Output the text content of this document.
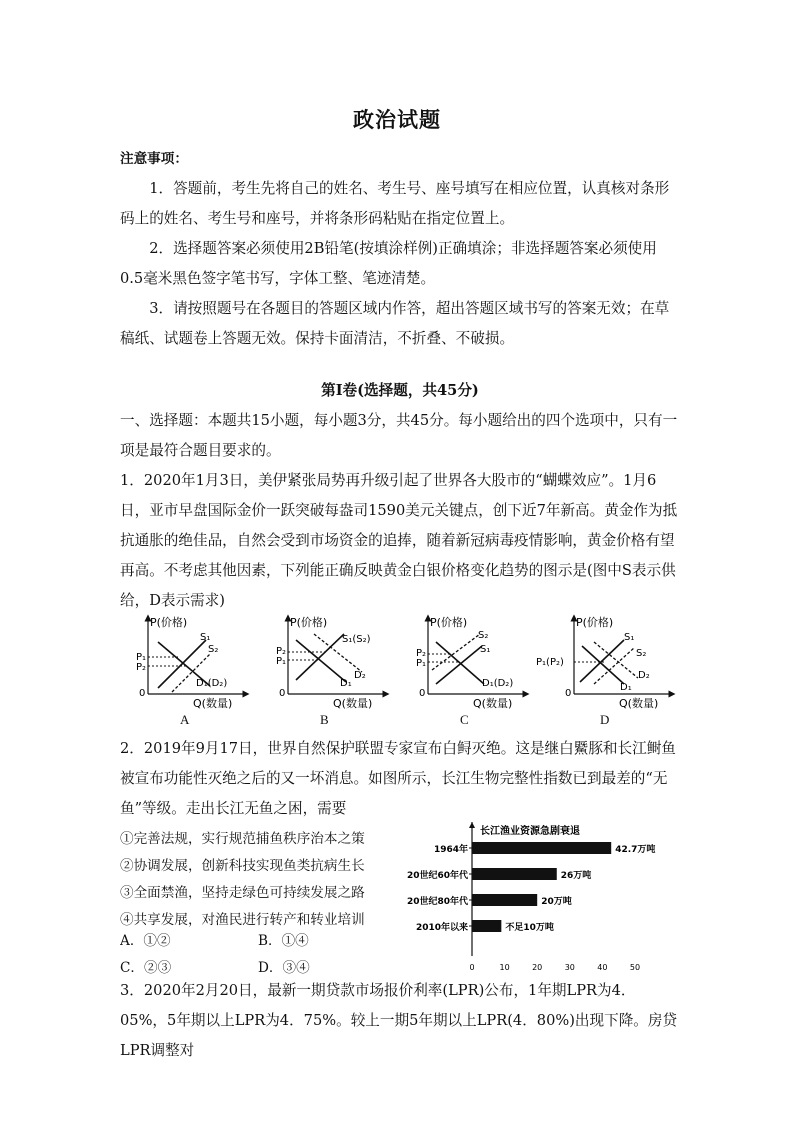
政治试题

注意事项：

1．答题前，考生先将自己的姓名、考生号、座号填写在相应位置，认真核对条形码上的姓名、考生号和座号，并将条形码粘贴在指定位置上。

2．选择题答案必须使用2B铅笔(按填涂样例)正确填涂；非选择题答案必须使用0.5毫米黑色签字笔书写，字体工整、笔迹清楚。

3．请按照题号在各题目的答题区域内作答，超出答题区域书写的答案无效；在草稿纸、试题卷上答题无效。保持卡面清洁，不折叠、不破损。

第Ⅰ卷(选择题，共45分)

一、选择题：本题共15小题，每小题3分，共45分。每小题给出的四个选项中，只有一项是最符合题目要求的。

1．2020年1月3日，美伊紧张局势再升级引起了世界各大股市的“蝴蝶效应”。1月6日，亚市早盘国际金价一跃突破每盎司1590美元关键点，创下近7年新高。黄金作为抵抗通胀的绝佳品，自然会受到市场资金的追捧，随着新冠病毒疫情影响，黄金价格有望再高。不考虑其他因素，下列能正确反映黄金白银价格变化趋势的图示是(图中S表示供给，D表示需求)

P(价格)
Q(数量)
0
S₁
S₂
D₁(D₂)
P₁
P₂
P(价格)
Q(数量)
0
S₁(S₂)
D₂
D₁
P₂
P₁
P(价格)
Q(数量)
0
S₂
S₁
D₁(D₂)
P₂
P₁
P(价格)
Q(数量)
0
S₁
S₂
D₁
D₂
P₁(P₂)
A	B	C	D

2．2019年9月17日，世界自然保护联盟专家宣布白鲟灭绝。这是继白鱀豚和长江鲥鱼被宣布功能性灭绝之后的又一坏消息。如图所示，长江生物完整性指数已到最差的“无鱼”等级。走出长江无鱼之困，需要

①完善法规，实行规范捕鱼秩序治本之策
②协调发展，创新科技实现鱼类抗病生长
③全面禁渔，坚持走绿色可持续发展之路
④共享发展，对渔民进行转产和转业培训
A．①②	B．①④
C．②③	D．③④
长江渔业资源急剧衰退
1964年	42.7万吨
20世纪60年代	26万吨
20世纪80年代	20万吨
2010年以来	不足10万吨
0	10	20	30	40	50

3．2020年2月20日，最新一期贷款市场报价利率(LPR)公布，1年期LPR为4．05%，5年期以上LPR为4．75%。较上一期5年期以上LPR(4．80%)出现下降。房贷LPR调整对
